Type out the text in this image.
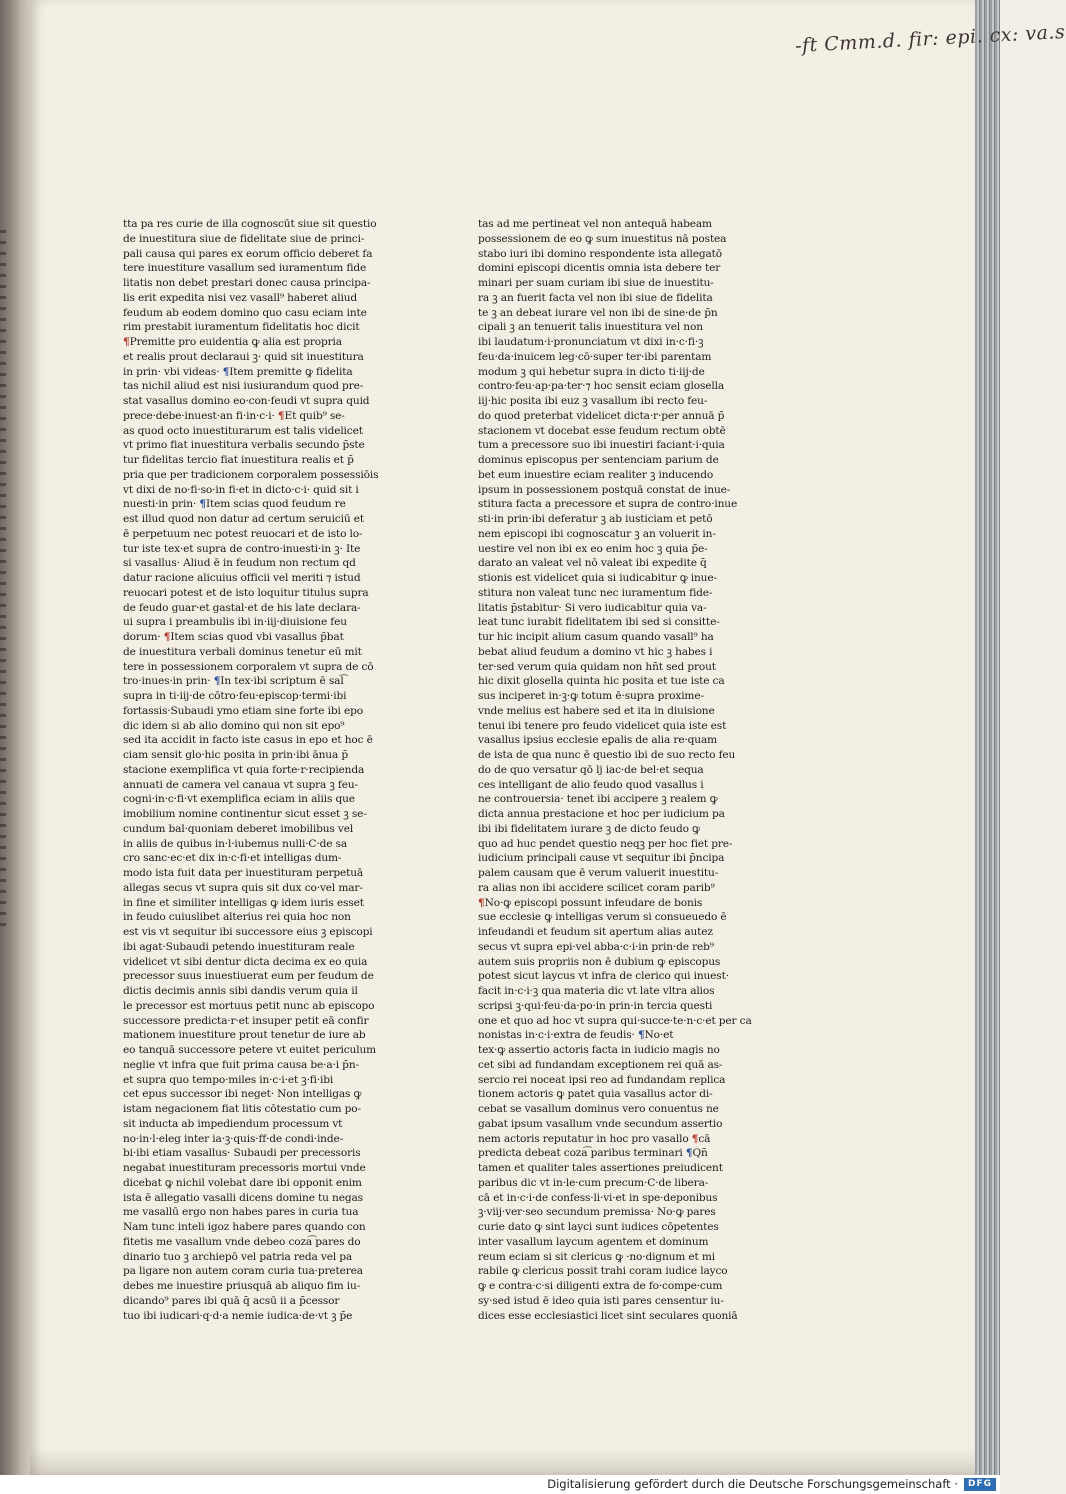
-ft Cmm.d. fir: epi. cx: va.s
tta pa res curie de illa cognoscūt siue sit questio
de inuestitura siue de fidelitate siue de princi-
pali causa qui pares ex eorum officio deberet fa
tere inuestiture vasallum sed iuramentum fide
litatis non debet prestari donec causa principa-
lis erit expedita nisi vez vasall⁹ haberet aliud
feudum ab eodem domino quo casu eciam inte
rim prestabit iuramentum fidelitatis hoc dicit
¶Premitte pro euidentia ꝙ alia est propria
et realis prout declaraui ꝫ· quid sit inuestitura
in prin· vbi videas· ¶Item premitte ꝙ fidelita
tas nichil aliud est nisi iusiurandum quod pre-
stat vasallus domino eo·con·feudi vt supra quid
prece·debe·inuest·an fi·in·c·i· ¶Et quib⁹ se-
as quod octo inuestiturarum est talis videlicet
vt primo fiat inuestitura verbalis secundo p̄ste
tur fidelitas tercio fiat inuestitura realis et p̄
pria que per tradicionem corporalem possessiōis
vt dixi de no·fi·so·in fi·et in dicto·c·i· quid sit i
nuesti·in prin· ¶Item scias quod feudum re
est illud quod non datur ad certum seruiciū et
ē perpetuum nec potest reuocari et de isto lo-
tur iste tex·et supra de contro·inuesti·in ꝫ· Ite
si vasallus· Aliud ē in feudum non rectum qd
datur racione alicuius officii vel meriti ⁊ istud
reuocari potest et de isto loquitur titulus supra
de feudo guar·et gastal·et de his late declara-
ui supra i preambulis ibi in·iij·diuisione feu
dorum· ¶Item scias quod vbi vasallus p̄bat
de inuestitura verbali dominus tenetur eū mit
tere in possessionem corporalem vt supra de cō
tro·inues·in prin· ¶In tex·ibi scriptum ē sal͡
supra in ti·iij·de cōtro·feu·episcop·termi·ibi
fortassis·Subaudi ymo etiam sine forte ibi epo
dic idem si ab alio domino qui non sit epo⁹
sed ita accidit in facto iste casus in epo et hoc ē
ciam sensit glo·hic posita in prin·ibi ānua p̄
stacione exemplifica vt quia forte·r·recipienda
annuati de camera vel canaua vt supra ꝫ feu-
cogni·in·c·fi·vt exemplifica eciam in aliis que
imobilium nomine continentur sicut esset ꝫ se-
cundum bal·quoniam deberet imobilibus vel
in aliis de quibus in·l·iubemus nulli·C·de sa
cro sanc·ec·et dix in·c·fi·et intelligas dum-
modo ista fuit data per inuestituram perpetuā
allegas secus vt supra quis sit dux co·vel mar-
in fine et similiter intelligas ꝙ idem iuris esset
in feudo cuiuslibet alterius rei quia hoc non
est vis vt sequitur ibi successore eius ꝫ episcopi
ibi agat·Subaudi petendo inuestituram reale
videlicet vt sibi dentur dicta decima ex eo quia
precessor suus inuestiuerat eum per feudum de
dictis decimis annis sibi dandis verum quia il
le precessor est mortuus petit nunc ab episcopo
successore predicta·r·et insuper petit eā confir
mationem inuestiture prout tenetur de iure ab
eo tanquā successore petere vt euitet periculum
neglie vt infra que fuit prima causa be·a·i p̄n-
et supra quo tempo·miles in·c·i·et ꝫ·fi·ibi
cet epus successor ibi neget· Non intelligas ꝙ
istam negacionem fiat litis cōtestatio cum po-
sit inducta ab impediendum processum vt
no·in·l·eleg inter ia·ꝫ·quis·ff·de condi·inde-
bi·ibi etiam vasallus· Subaudi per precessoris
negabat inuestituram precessoris mortui vnde
dicebat ꝙ nichil volebat dare ibi opponit enim
ista ē allegatio vasalli dicens domine tu negas
me vasallū ergo non habes pares in curia tua
Nam tunc inteli igoz habere pares quando con
fitetis me vasallum vnde debeo coza͡ pares do
dinario tuo ꝫ archiepō vel patria reda vel pa
pa ligare non autem coram curia tua·preterea
debes me inuestire priusquā ab aliquo fim iu-
dicando⁹ pares ibi quā q̄ acsū ii a p̄cessor
tuo ibi iudicari·q·d·a nemie iudica·de·vt ꝫ p̄e
tas ad me pertineat vel non antequā habeam
possessionem de eo ꝙ sum inuestitus nā postea
stabo iuri ibi domino respondente ista allegatō
domini episcopi dicentis omnia ista debere ter
minari per suam curiam ibi siue de inuestitu-
ra ꝫ an fuerit facta vel non ibi siue de fidelita
te ꝫ an debeat iurare vel non ibi de sine·de p̄n
cipali ꝫ an tenuerit talis inuestitura vel non
ibi laudatum·i·pronunciatum vt dixi in·c·fi·ꝫ
feu·da·inuicem leg·cō·super ter·ibi parentam
modum ꝫ qui hebetur supra in dicto ti·iij·de
contro·feu·ap·pa·ter·⁊ hoc sensit eciam glosella
iij·hic posita ibi euz ꝫ vasallum ibi recto feu-
do quod preterbat videlicet dicta·r·per annuā p̄
stacionem vt docebat esse feudum rectum obtē
tum a precessore suo ibi inuestiri faciant·i·quia
dominus episcopus per sentenciam parium de
bet eum inuestire eciam realiter ꝫ inducendo
ipsum in possessionem postquā constat de inue-
stitura facta a precessore et supra de contro·inue
sti·in prin·ibi deferatur ꝫ ab iusticiam et petō
nem episcopi ibi cognoscatur ꝫ an voluerit in-
uestire vel non ibi ex eo enim hoc ꝫ quia p̄e-
darato an valeat vel nō valeat ibi expedite q̄
stionis est videlicet quia si iudicabitur ꝙ inue-
stitura non valeat tunc nec iuramentum fide-
litatis p̄stabitur· Si vero iudicabitur quia va-
leat tunc iurabit fidelitatem ibi sed si consitte-
tur hic incipit alium casum quando vasall⁹ ha
bebat aliud feudum a domino vt hic ꝫ habes i
ter·sed verum quia quidam non hn̄t sed prout
hic dixit glosella quinta hic posita et tue iste ca
sus inciperet in·ꝫ·ꝙ totum ē·supra proxime-
vnde melius est habere sed et ita in diuisione
tenui ibi tenere pro feudo videlicet quia iste est
vasallus ipsius ecclesie eꝑalis de alia re·quam
de ista de qua nunc ē questio ibi de suo recto feu
do de quo versatur qō lj iac·de bel·et sequa
ces intelligant de alio feudo quod vasallus i
ne controuersia· tenet ibi accipere ꝫ realem ꝙ
dicta annua prestacione et hoc per iudicium pa
ibi ibi fidelitatem iurare ꝫ de dicto feudo ꝙ
quo ad huc pendet questio neqꝫ per hoc fiet pre-
iudicium principali cause vt sequitur ibi p̄ncipa
palem causam que ē verum valuerit inuestitu-
ra alias non ibi accidere scilicet coram parib⁹
¶No·ꝙ episcopi possunt infeudare de bonis
sue ecclesie ꝙ intelligas verum si consueuedo ē
infeudandi et feudum sit apertum alias autez
secus vt supra epi·vel abba·c·i·in prin·de reb⁹
autem suis propriis non ē dubium ꝙ episcopus
potest sicut laycus vt infra de clerico qui inuest·
facit in·c·i·ꝫ qua materia dic vt late vltra alios
scripsi ꝫ·qui·feu·da·po·in prin·in tercia questi
one et quo ad hoc vt supra qui·succe·te·n·c·et per ca
nonistas in·c·i·extra de feudis· ¶No·et
tex·ꝙ assertio actoris facta in iudicio magis no
cet sibi ad fundandam exceptionem rei quā as-
sercio rei noceat ipsi reo ad fundandam replica
tionem actoris ꝙ patet quia vasallus actor di-
cebat se vasallum dominus vero conuentus ne
gabat ipsum vasallum vnde secundum assertio
nem actoris reputatur in hoc pro vasallo ¶cā
predicta debeat coza͡ paribus terminari ¶Qn̄
tamen et qualiter tales assertiones preiudicent
paribus dic vt in·le·cum precum·C·de libera-
cā et in·c·i·de confess·li·vi·et in spe·deponibus
ꝫ·viij·ver·seo secundum premissa· No·ꝙ pares
curie dato ꝙ sint layci sunt iudices cōpetentes
inter vasallum laycum agentem et dominum
reum eciam si sit clericus ꝙ ·no·dignum et mi
rabile ꝙ clericus possit trahi coram iudice layco
ꝙ e contra·c·si diligenti extra de fo·compe·cum
sy·sed istud ē ideo quia isti pares censentur iu-
dices esse ecclesiastici licet sint seculares quoniā
Digitalisierung gefördert durch die Deutsche Forschungsgemeinschaft ·	DFG
